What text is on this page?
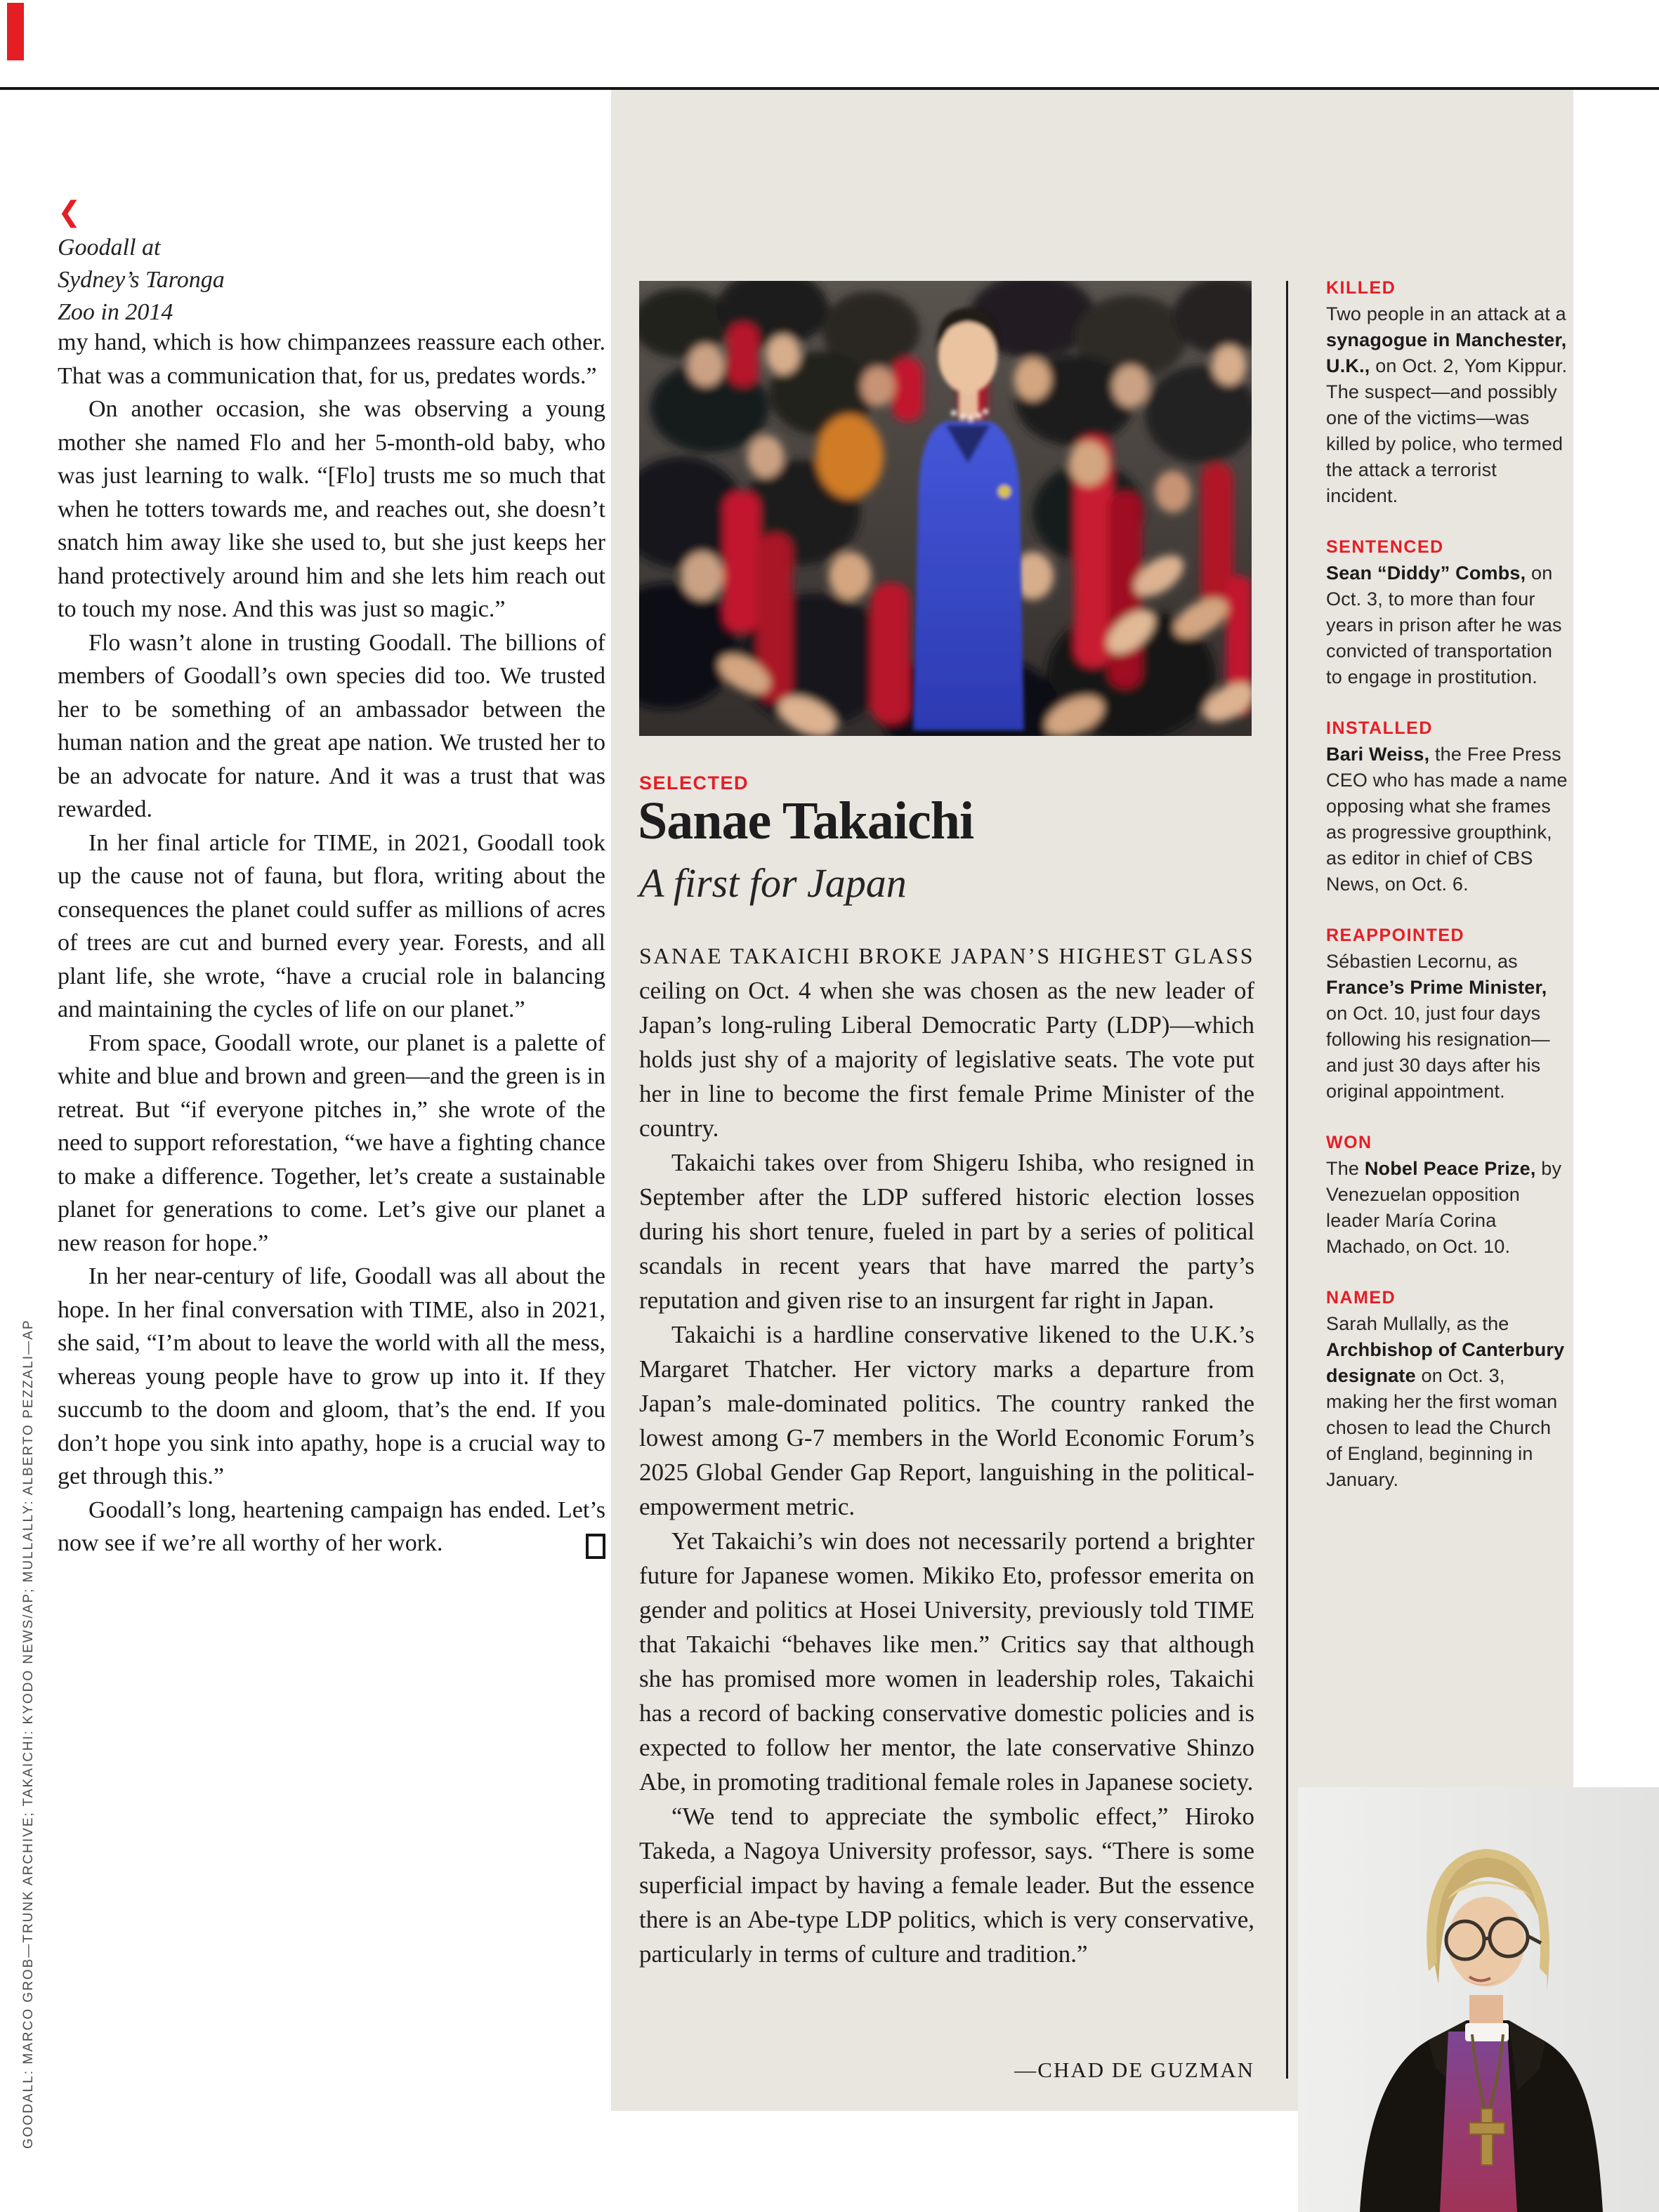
❮
Goodall at
Sydney’s Taronga
Zoo in 2014

my hand, which is how chimpanzees reassure each other. That was a communication that, for us, predates words.”

On another occasion, she was observing a young mother she named Flo and her 5-month-old baby, who was just learning to walk. “[Flo] trusts me so much that when he totters towards me, and reaches out, she doesn’t snatch him away like she used to, but she just keeps her hand protectively around him and she lets him reach out to touch my nose. And this was just so magic.”

Flo wasn’t alone in trusting Goodall. The billions of members of Goodall’s own species did too. We trusted her to be something of an ambassador between the human nation and the great ape nation. We trusted her to be an advocate for nature. And it was a trust that was rewarded.

In her final article for TIME, in 2021, Goodall took up the cause not of fauna, but flora, writing about the consequences the planet could suffer as millions of acres of trees are cut and burned every year. Forests, and all plant life, she wrote, “have a crucial role in balancing and maintaining the cycles of life on our planet.”

From space, Goodall wrote, our planet is a palette of white and blue and brown and green—and the green is in retreat. But “if everyone pitches in,” she wrote of the need to support reforestation, “we have a fighting chance to make a difference. Together, let’s create a sustainable planet for generations to come. Let’s give our planet a new reason for hope.”

In her near-century of life, Goodall was all about the hope. In her final conversation with TIME, also in 2021, she said, “I’m about to leave the world with all the mess, whereas young people have to grow up into it. If they succumb to the doom and gloom, that’s the end. If you don’t hope you sink into apathy, hope is a crucial way to get through this.”

Goodall’s long, heartening campaign has ended. Let’s now see if we’re all worthy of her work.

SELECTED
Sanae Takaichi
A first for Japan

SANAE TAKAICHI BROKE JAPAN’S HIGHEST GLASS ceiling on Oct. 4 when she was chosen as the new leader of Japan’s long-ruling Liberal Democratic Party (LDP)—which holds just shy of a majority of legislative seats. The vote put her in line to become the first female Prime Minister of the country.

Takaichi takes over from Shigeru Ishiba, who resigned in September after the LDP suffered historic election losses during his short tenure, fueled in part by a series of political scandals in recent years that have marred the party’s reputation and given rise to an insurgent far right in Japan.

Takaichi is a hardline conservative likened to the U.K.’s Margaret Thatcher. Her victory marks a departure from Japan’s male-dominated politics. The country ranked the lowest among G-7 members in the World Economic Forum’s 2025 Global Gender Gap Report, languishing in the political-empowerment metric.

Yet Takaichi’s win does not necessarily portend a brighter future for Japanese women. Mikiko Eto, professor emerita on gender and politics at Hosei University, previously told TIME that Takaichi “behaves like men.” Critics say that although she has promised more women in leadership roles, Takaichi has a record of backing conservative domestic policies and is expected to follow her mentor, the late conservative Shinzo Abe, in promoting traditional female roles in Japanese society.

“We tend to appreciate the symbolic effect,” Hiroko Takeda, a Nagoya University professor, says. “There is some superficial impact by having a female leader. But the essence there is an Abe-type LDP politics, which is very conservative, particularly in terms of culture and tradition.”

—CHAD DE GUZMAN
KILLED
Two people in an attack at a synagogue in Manchester, U.K., on Oct. 2, Yom Kippur. The suspect—and possibly one of the victims—was killed by police, who termed the attack a terrorist incident.
SENTENCED
Sean “Diddy” Combs, on Oct. 3, to more than four years in prison after he was convicted of transportation to engage in prostitution.
INSTALLED
Bari Weiss, the Free Press CEO who has made a name opposing what she frames as progressive groupthink, as editor in chief of CBS News, on Oct. 6.
REAPPOINTED
Sébastien Lecornu, as France’s Prime Minister, on Oct. 10, just four days following his resignation—and just 30 days after his original appointment.
WON
The Nobel Peace Prize, by Venezuelan opposition leader María Corina Machado, on Oct. 10.
NAMED
Sarah Mullally, as the Archbishop of Canterbury designate on Oct. 3, making her the first woman chosen to lead the Church of England, beginning in January.
GOODALL: MARCO GROB—TRUNK ARCHIVE; TAKAICHI: KYODO NEWS/AP; MULLALLY: ALBERTO PEZZALI—AP
